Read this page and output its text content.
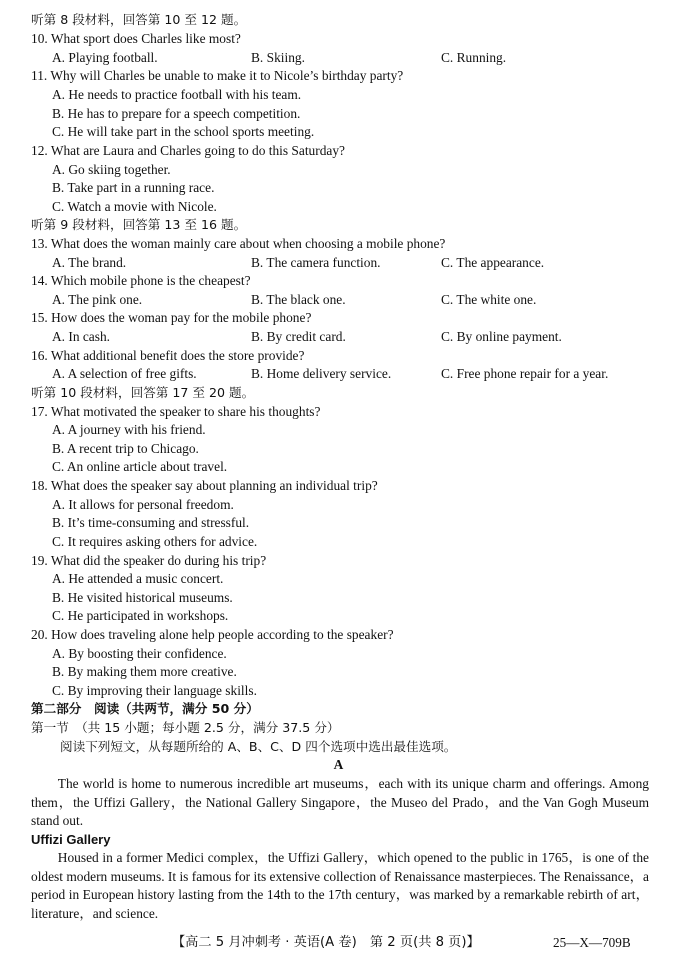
听第 8 段材料，回答第 10 至 12 题。
10. What sport does Charles like most?
A. Playing football.	B. Skiing.	C. Running.
11. Why will Charles be unable to make it to Nicole’s birthday party?
A. He needs to practice football with his team.
B. He has to prepare for a speech competition.
C. He will take part in the school sports meeting.
12. What are Laura and Charles going to do this Saturday?
A. Go skiing together.
B. Take part in a running race.
C. Watch a movie with Nicole.
听第 9 段材料，回答第 13 至 16 题。
13. What does the woman mainly care about when choosing a mobile phone?
A. The brand.	B. The camera function.	C. The appearance.
14. Which mobile phone is the cheapest?
A. The pink one.	B. The black one.	C. The white one.
15. How does the woman pay for the mobile phone?
A. In cash.	B. By credit card.	C. By online payment.
16. What additional benefit does the store provide?
A. A selection of free gifts.	B. Home delivery service.	C. Free phone repair for a year.
听第 10 段材料，回答第 17 至 20 题。
17. What motivated the speaker to share his thoughts?
A. A journey with his friend.
B. A recent trip to Chicago.
C. An online article about travel.
18. What does the speaker say about planning an individual trip?
A. It allows for personal freedom.
B. It’s time-consuming and stressful.
C. It requires asking others for advice.
19. What did the speaker do during his trip?
A. He attended a music concert.
B. He visited historical museums.
C. He participated in workshops.
20. How does traveling alone help people according to the speaker?
A. By boosting their confidence.
B. By making them more creative.
C. By improving their language skills.
第二部分　阅读（共两节，满分 50 分）
第一节　（共 15 小题；每小题 2.5 分，满分 37.5 分）
阅读下列短文，从每题所给的 A、B、C、D 四个选项中选出最佳选项。
A

The world is home to numerous incredible art museums，each with its unique charm and offerings. Among them，the Uffizi Gallery，the National Gallery Singapore，the Museo del Prado，and the Van Gogh Museum stand out.

Uffizi Gallery

Housed in a former Medici complex，the Uffizi Gallery，which opened to the public in 1765，is one of the oldest modern museums. It is famous for its extensive collection of Renaissance masterpieces. The Renaissance，a period in European history lasting from the 14th to the 17th century，was marked by a remarkable rebirth of art，literature，and science.

【高二 5 月冲刺考 · 英语(A 卷)　第 2 页(共 8 页)】	25—X—709B
